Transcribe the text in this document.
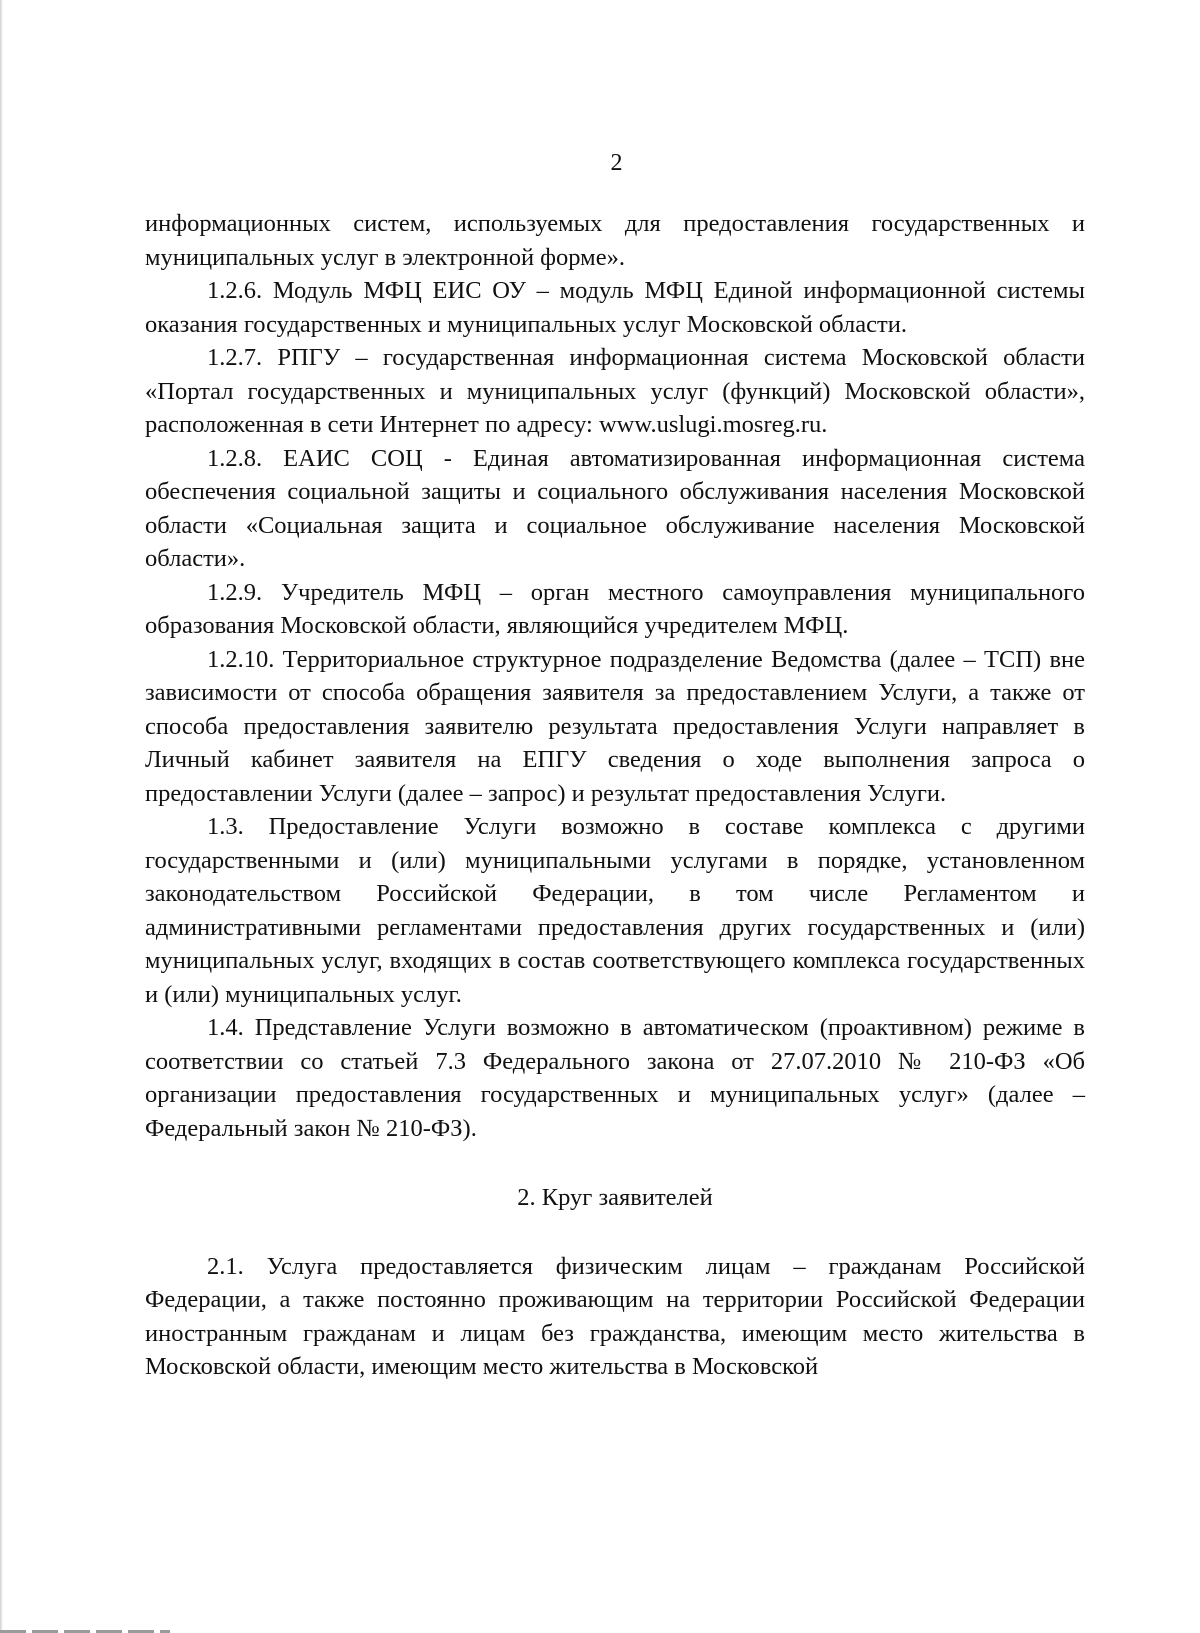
2

информационных систем, используемых для предоставления государственных и муниципальных услуг в электронной форме».

1.2.6. Модуль МФЦ ЕИС ОУ – модуль МФЦ Единой информационной системы оказания государственных и муниципальных услуг Московской области.

1.2.7. РПГУ – государственная информационная система Московской области «Портал государственных и муниципальных услуг (функций) Московской области», расположенная в сети Интернет по адресу: www.uslugi.mosreg.ru.

1.2.8. ЕАИС СОЦ - Единая автоматизированная информационная система обеспечения социальной защиты и социального обслуживания населения Московской области «Социальная защита и социальное обслуживание населения Московской области».

1.2.9. Учредитель МФЦ – орган местного самоуправления муниципального образования Московской области, являющийся учредителем МФЦ.

1.2.10. Территориальное структурное подразделение Ведомства (далее – ТСП) вне зависимости от способа обращения заявителя за предоставлением Услуги, а также от способа предоставления заявителю результата предоставления Услуги направляет в Личный кабинет заявителя на ЕПГУ сведения о ходе выполнения запроса о предоставлении Услуги (далее – запрос) и результат предоставления Услуги.

1.3. Предоставление Услуги возможно в составе комплекса с другими государственными и (или) муниципальными услугами в порядке, установленном законодательством Российской Федерации, в том числе Регламентом и административными регламентами предоставления других государственных и (или) муниципальных услуг, входящих в состав соответствующего комплекса государственных и (или) муниципальных услуг.

1.4. Представление Услуги возможно в автоматическом (проактивном) режиме в соответствии со статьей 7.3 Федерального закона от 27.07.2010 № 210-ФЗ «Об организации предоставления государственных и муниципальных услуг» (далее – Федеральный закон № 210-ФЗ).

2. Круг заявителей

2.1. Услуга предоставляется физическим лицам – гражданам Российской Федерации, а также постоянно проживающим на территории Российской Федерации иностранным гражданам и лицам без гражданства, имеющим место жительства в Московской области, имеющим место жительства в Московской
